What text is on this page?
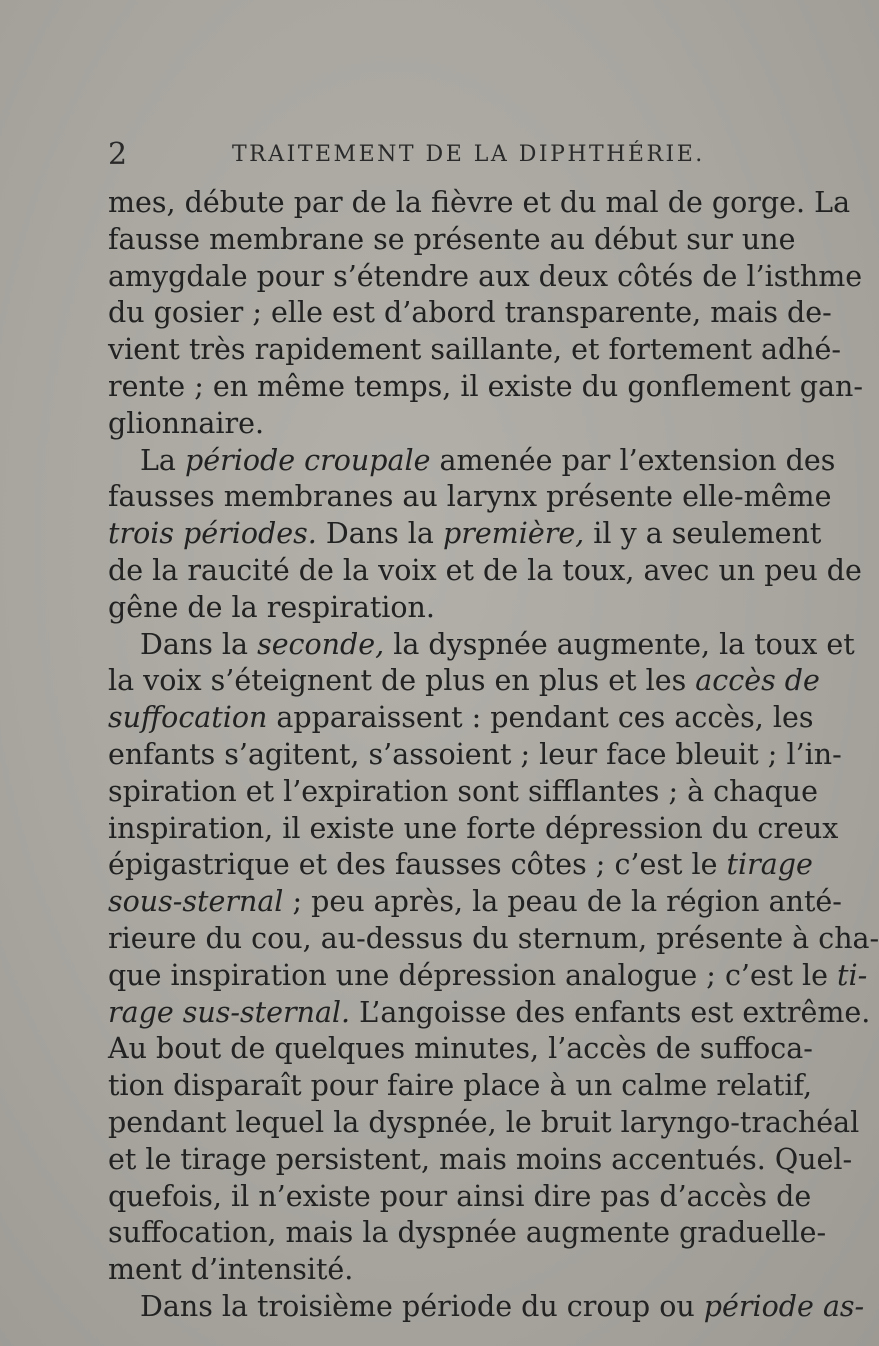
2	TRAITEMENT DE LA DIPHTHÉRIE.
mes, débute par de la fièvre et du mal de gorge. La
fausse membrane se présente au début sur une
amygdale pour s’étendre aux deux côtés de l’isthme
du gosier ; elle est d’abord transparente, mais de-
vient très rapidement saillante, et fortement adhé-
rente ; en même temps, il existe du gonflement gan-
glionnaire.
La période croupale amenée par l’extension des
fausses membranes au larynx présente elle-même
trois périodes. Dans la première, il y a seulement
de la raucité de la voix et de la toux, avec un peu de
gêne de la respiration.
Dans la seconde, la dyspnée augmente, la toux et
la voix s’éteignent de plus en plus et les accès de
suffocation apparaissent : pendant ces accès, les
enfants s’agitent, s’assoient ; leur face bleuit ; l’in-
spiration et l’expiration sont sifflantes ; à chaque
inspiration, il existe une forte dépression du creux
épigastrique et des fausses côtes ; c’est le tirage
sous-sternal ; peu après, la peau de la région anté-
rieure du cou, au-dessus du sternum, présente à cha-
que inspiration une dépression analogue ; c’est le ti-
rage sus-sternal. L’angoisse des enfants est extrême.
Au bout de quelques minutes, l’accès de suffoca-
tion disparaît pour faire place à un calme relatif,
pendant lequel la dyspnée, le bruit laryngo-trachéal
et le tirage persistent, mais moins accentués. Quel-
quefois, il n’existe pour ainsi dire pas d’accès de
suffocation, mais la dyspnée augmente graduelle-
ment d’intensité.
Dans la troisième période du croup ou période as-
